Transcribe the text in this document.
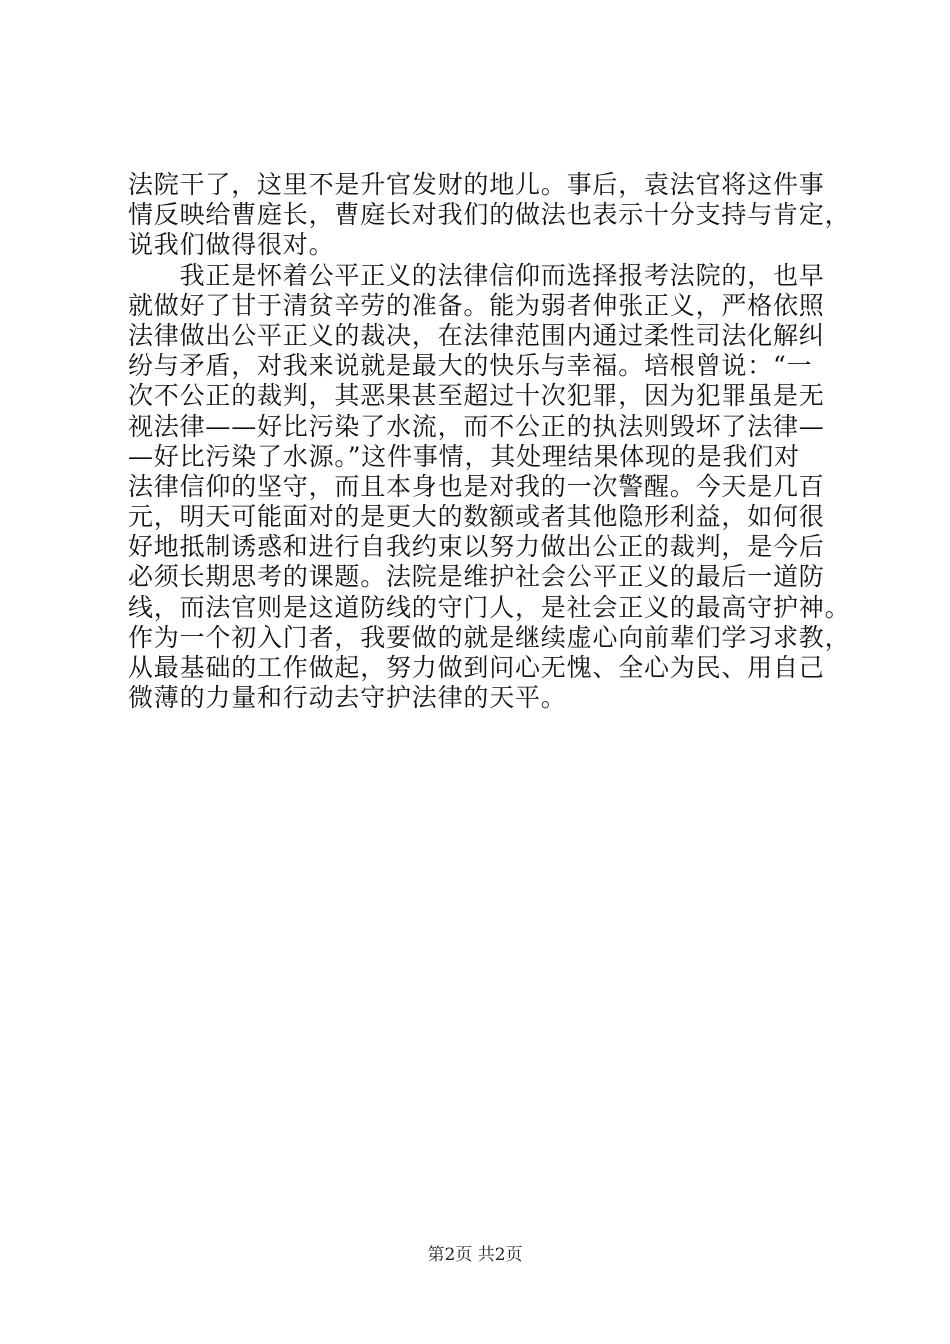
法院干了，这里不是升官发财的地儿。事后，袁法官将这件事
情反映给曹庭长，曹庭长对我们的做法也表示十分支持与肯定，
说我们做得很对。
　　我正是怀着公平正义的法律信仰而选择报考法院的，也早
就做好了甘于清贫辛劳的准备。能为弱者伸张正义，严格依照
法律做出公平正义的裁决，在法律范围内通过柔性司法化解纠
纷与矛盾，对我来说就是最大的快乐与幸福。培根曾说：“一
次不公正的裁判，其恶果甚至超过十次犯罪，因为犯罪虽是无
视法律——好比污染了水流，而不公正的执法则毁坏了法律—
—好比污染了水源。”这件事情，其处理结果体现的是我们对
法律信仰的坚守，而且本身也是对我的一次警醒。今天是几百
元，明天可能面对的是更大的数额或者其他隐形利益，如何很
好地抵制诱惑和进行自我约束以努力做出公正的裁判，是今后
必须长期思考的课题。法院是维护社会公平正义的最后一道防
线，而法官则是这道防线的守门人，是社会正义的最高守护神。
作为一个初入门者，我要做的就是继续虚心向前辈们学习求教，
从最基础的工作做起，努力做到问心无愧、全心为民、用自己
微薄的力量和行动去守护法律的天平。
第2页 共2页
